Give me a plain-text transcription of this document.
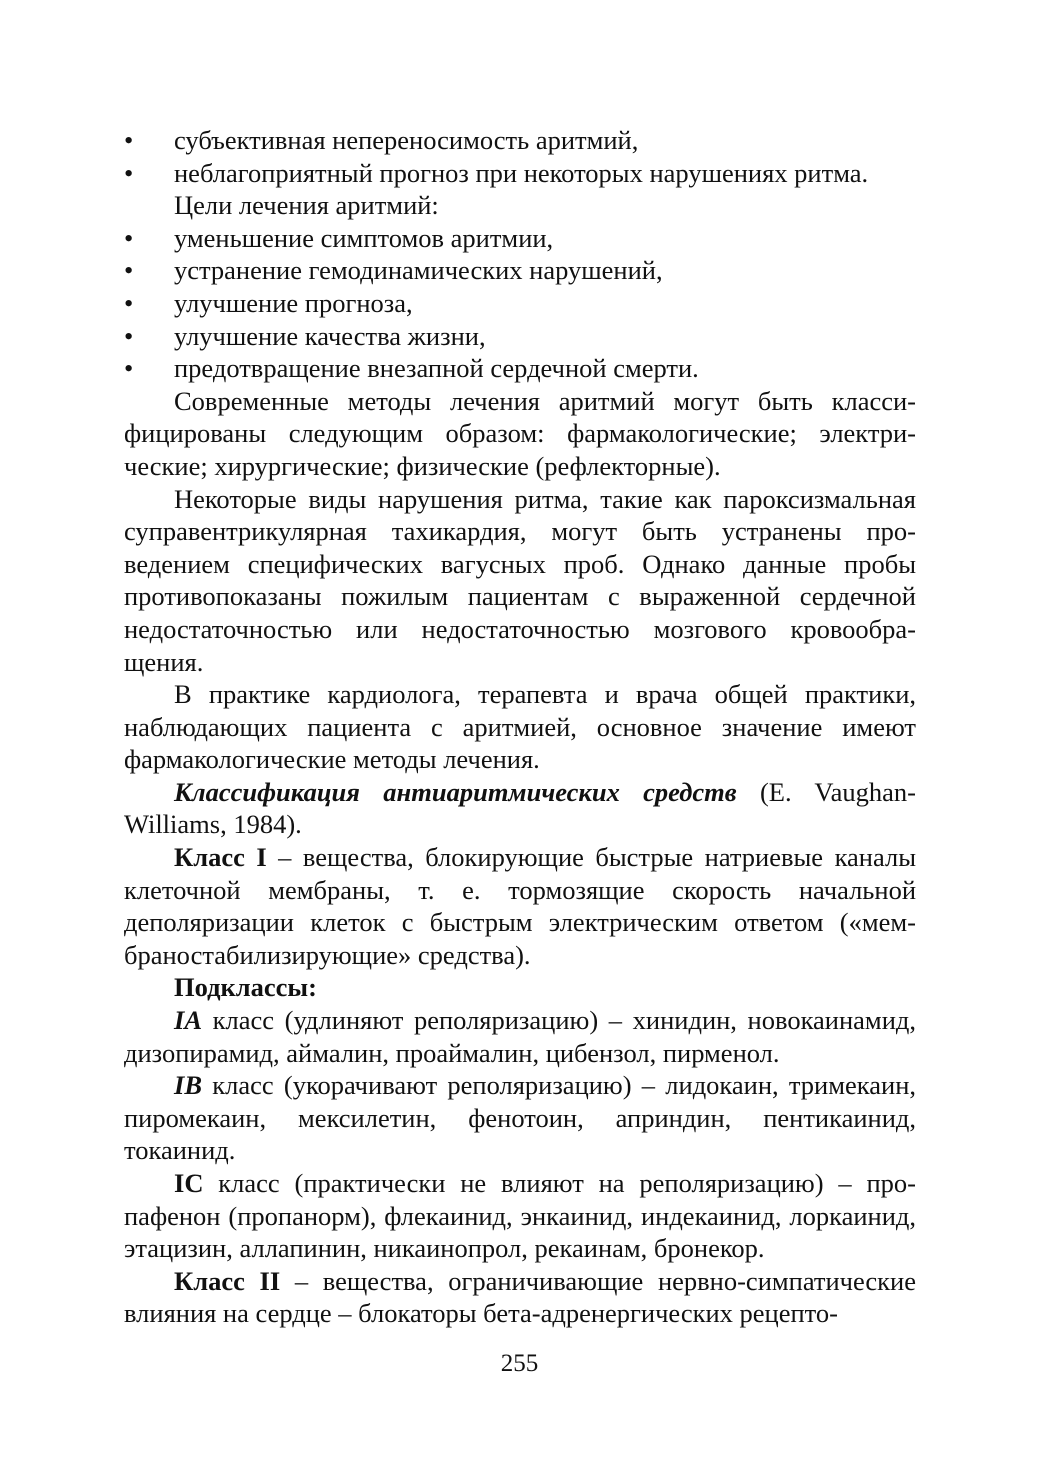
•	субъективная непереносимость аритмий,
•	неблагоприятный прогноз при некоторых нарушениях ритма.
Цели лечения аритмий:
•	уменьшение симптомов аритмии,
•	устранение гемодинамических нарушений,
•	улучшение прогноза,
•	улучшение качества жизни,
•	предотвращение внезапной сердечной смерти.

Современные методы лечения аритмий могут быть классифицированы следующим образом: фармакологические; электрические; хирургические; физические (рефлекторные).

Некоторые виды нарушения ритма, такие как пароксизмальная суправентрикулярная тахикардия, могут быть устранены проведением специфических вагусных проб. Однако данные пробы противопоказаны пожилым пациентам с выраженной сердечной недостаточностью или недостаточностью мозгового кровообращения.

В практике кардиолога, терапевта и врача общей практики, наблюдающих пациента с аритмией, основное значение имеют фармакологические методы лечения.

Классификация антиаритмических средств (E. Vaughan-Williams, 1984).

Класс I – вещества, блокирующие быстрые натриевые каналы клеточной мембраны, т. е. тормозящие скорость начальной деполяризации клеток с быстрым электрическим ответом («мембраностабилизирующие» средства).

Подклассы:

IA класс (удлиняют реполяризацию) – хинидин, новокаинамид, дизопирамид, аймалин, проаймалин, цибензол, пирменол.

IB класс (укорачивают реполяризацию) – лидокаин, тримекаин, пиромекаин, мексилетин, фенотоин, априндин, пентикаинид, токаинид.

IC класс (практически не влияют на реполяризацию) – пропафенон (пропанорм), флекаинид, энкаинид, индекаинид, лоркаинид, этацизин, аллапинин, никаинопрол, рекаинам, бронекор.

Класс II – вещества, ограничивающие нервно-симпатические влияния на сердце – блокаторы бета-адренергических рецепто-

255
